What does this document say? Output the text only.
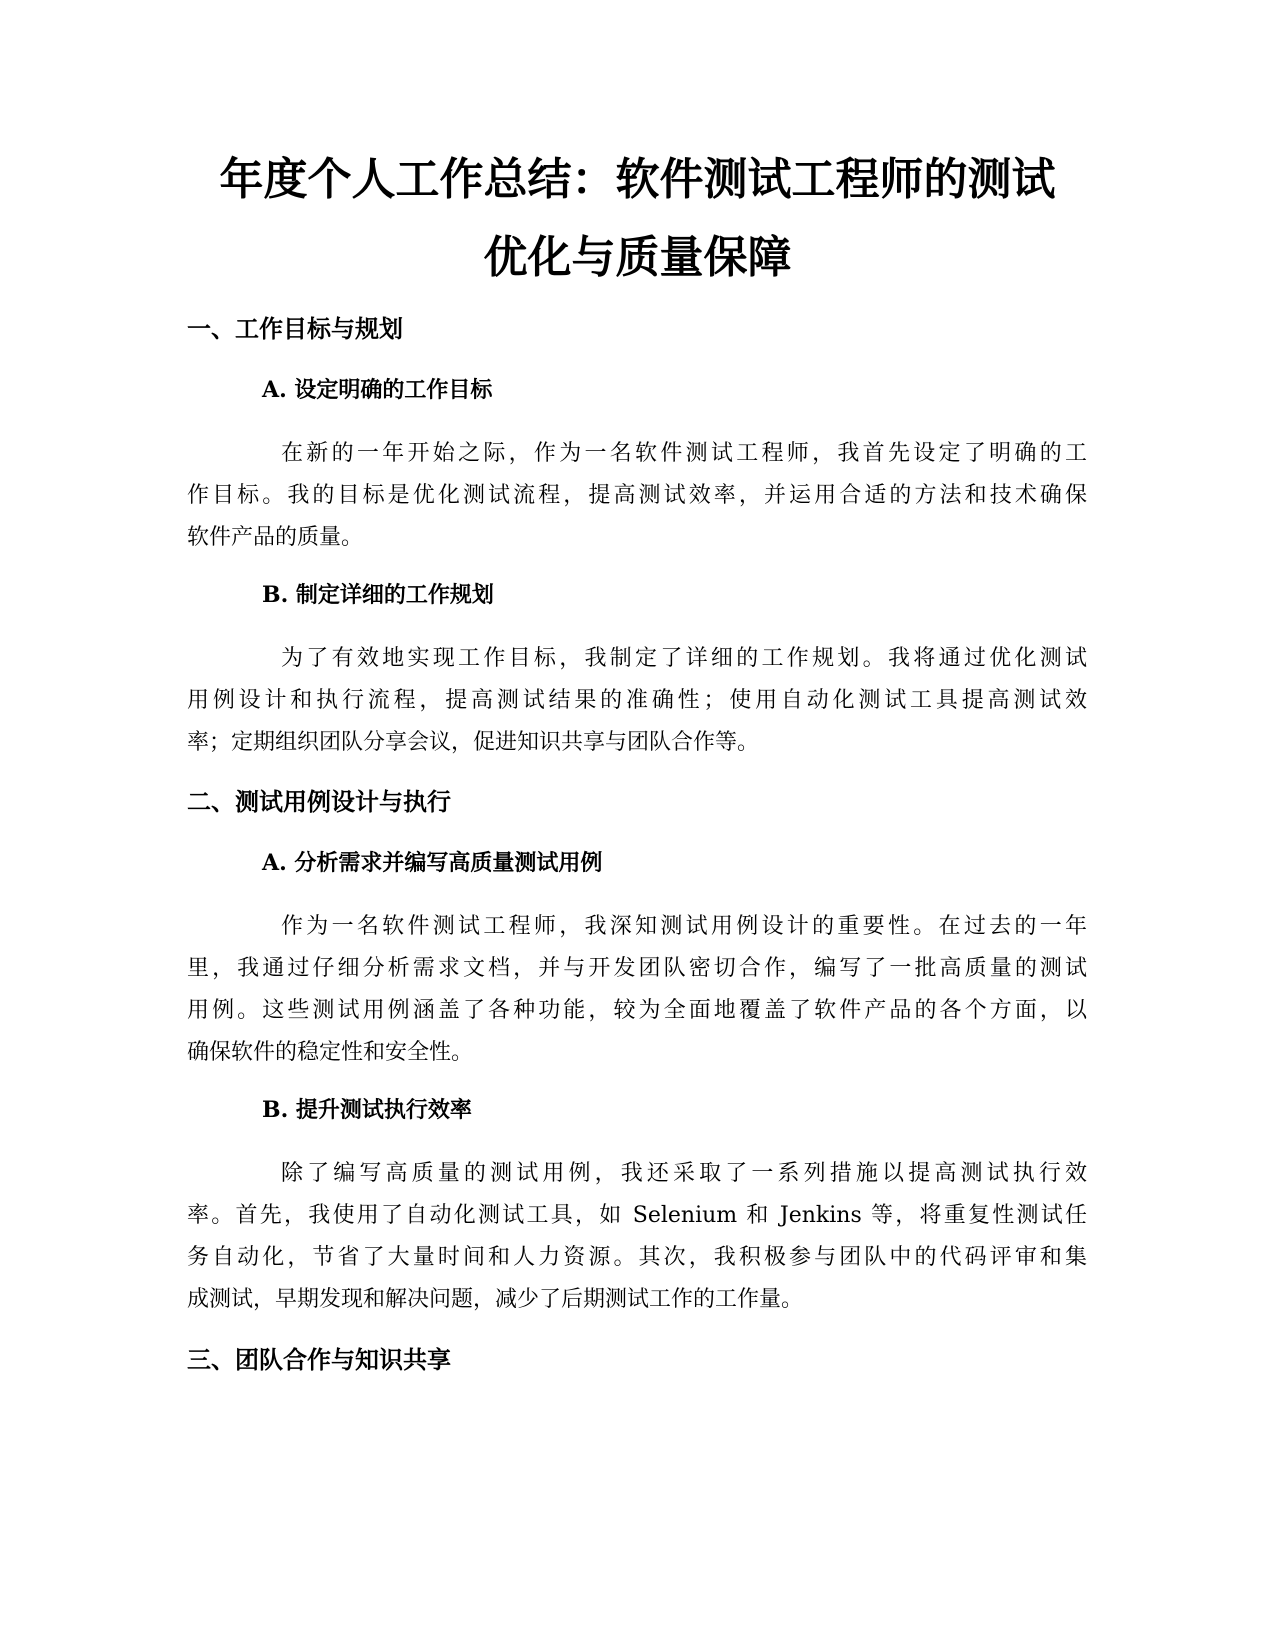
年度个人工作总结：软件测试工程师的测试
优化与质量保障
一、工作目标与规划
A. 设定明确的工作目标
在新的一年开始之际，作为一名软件测试工程师，我首先设定了明确的工
作目标。我的目标是优化测试流程，提高测试效率，并运用合适的方法和技术确保
软件产品的质量。
B. 制定详细的工作规划
为了有效地实现工作目标，我制定了详细的工作规划。我将通过优化测试
用例设计和执行流程，提高测试结果的准确性；使用自动化测试工具提高测试效
率；定期组织团队分享会议，促进知识共享与团队合作等。
二、测试用例设计与执行
A. 分析需求并编写高质量测试用例
作为一名软件测试工程师，我深知测试用例设计的重要性。在过去的一年
里，我通过仔细分析需求文档，并与开发团队密切合作，编写了一批高质量的测试
用例。这些测试用例涵盖了各种功能，较为全面地覆盖了软件产品的各个方面，以
确保软件的稳定性和安全性。
B. 提升测试执行效率
除了编写高质量的测试用例，我还采取了一系列措施以提高测试执行效
率。首先，我使用了自动化测试工具，如 Selenium 和 Jenkins 等，将重复性测试任
务自动化，节省了大量时间和人力资源。其次，我积极参与团队中的代码评审和集
成测试，早期发现和解决问题，减少了后期测试工作的工作量。
三、团队合作与知识共享
